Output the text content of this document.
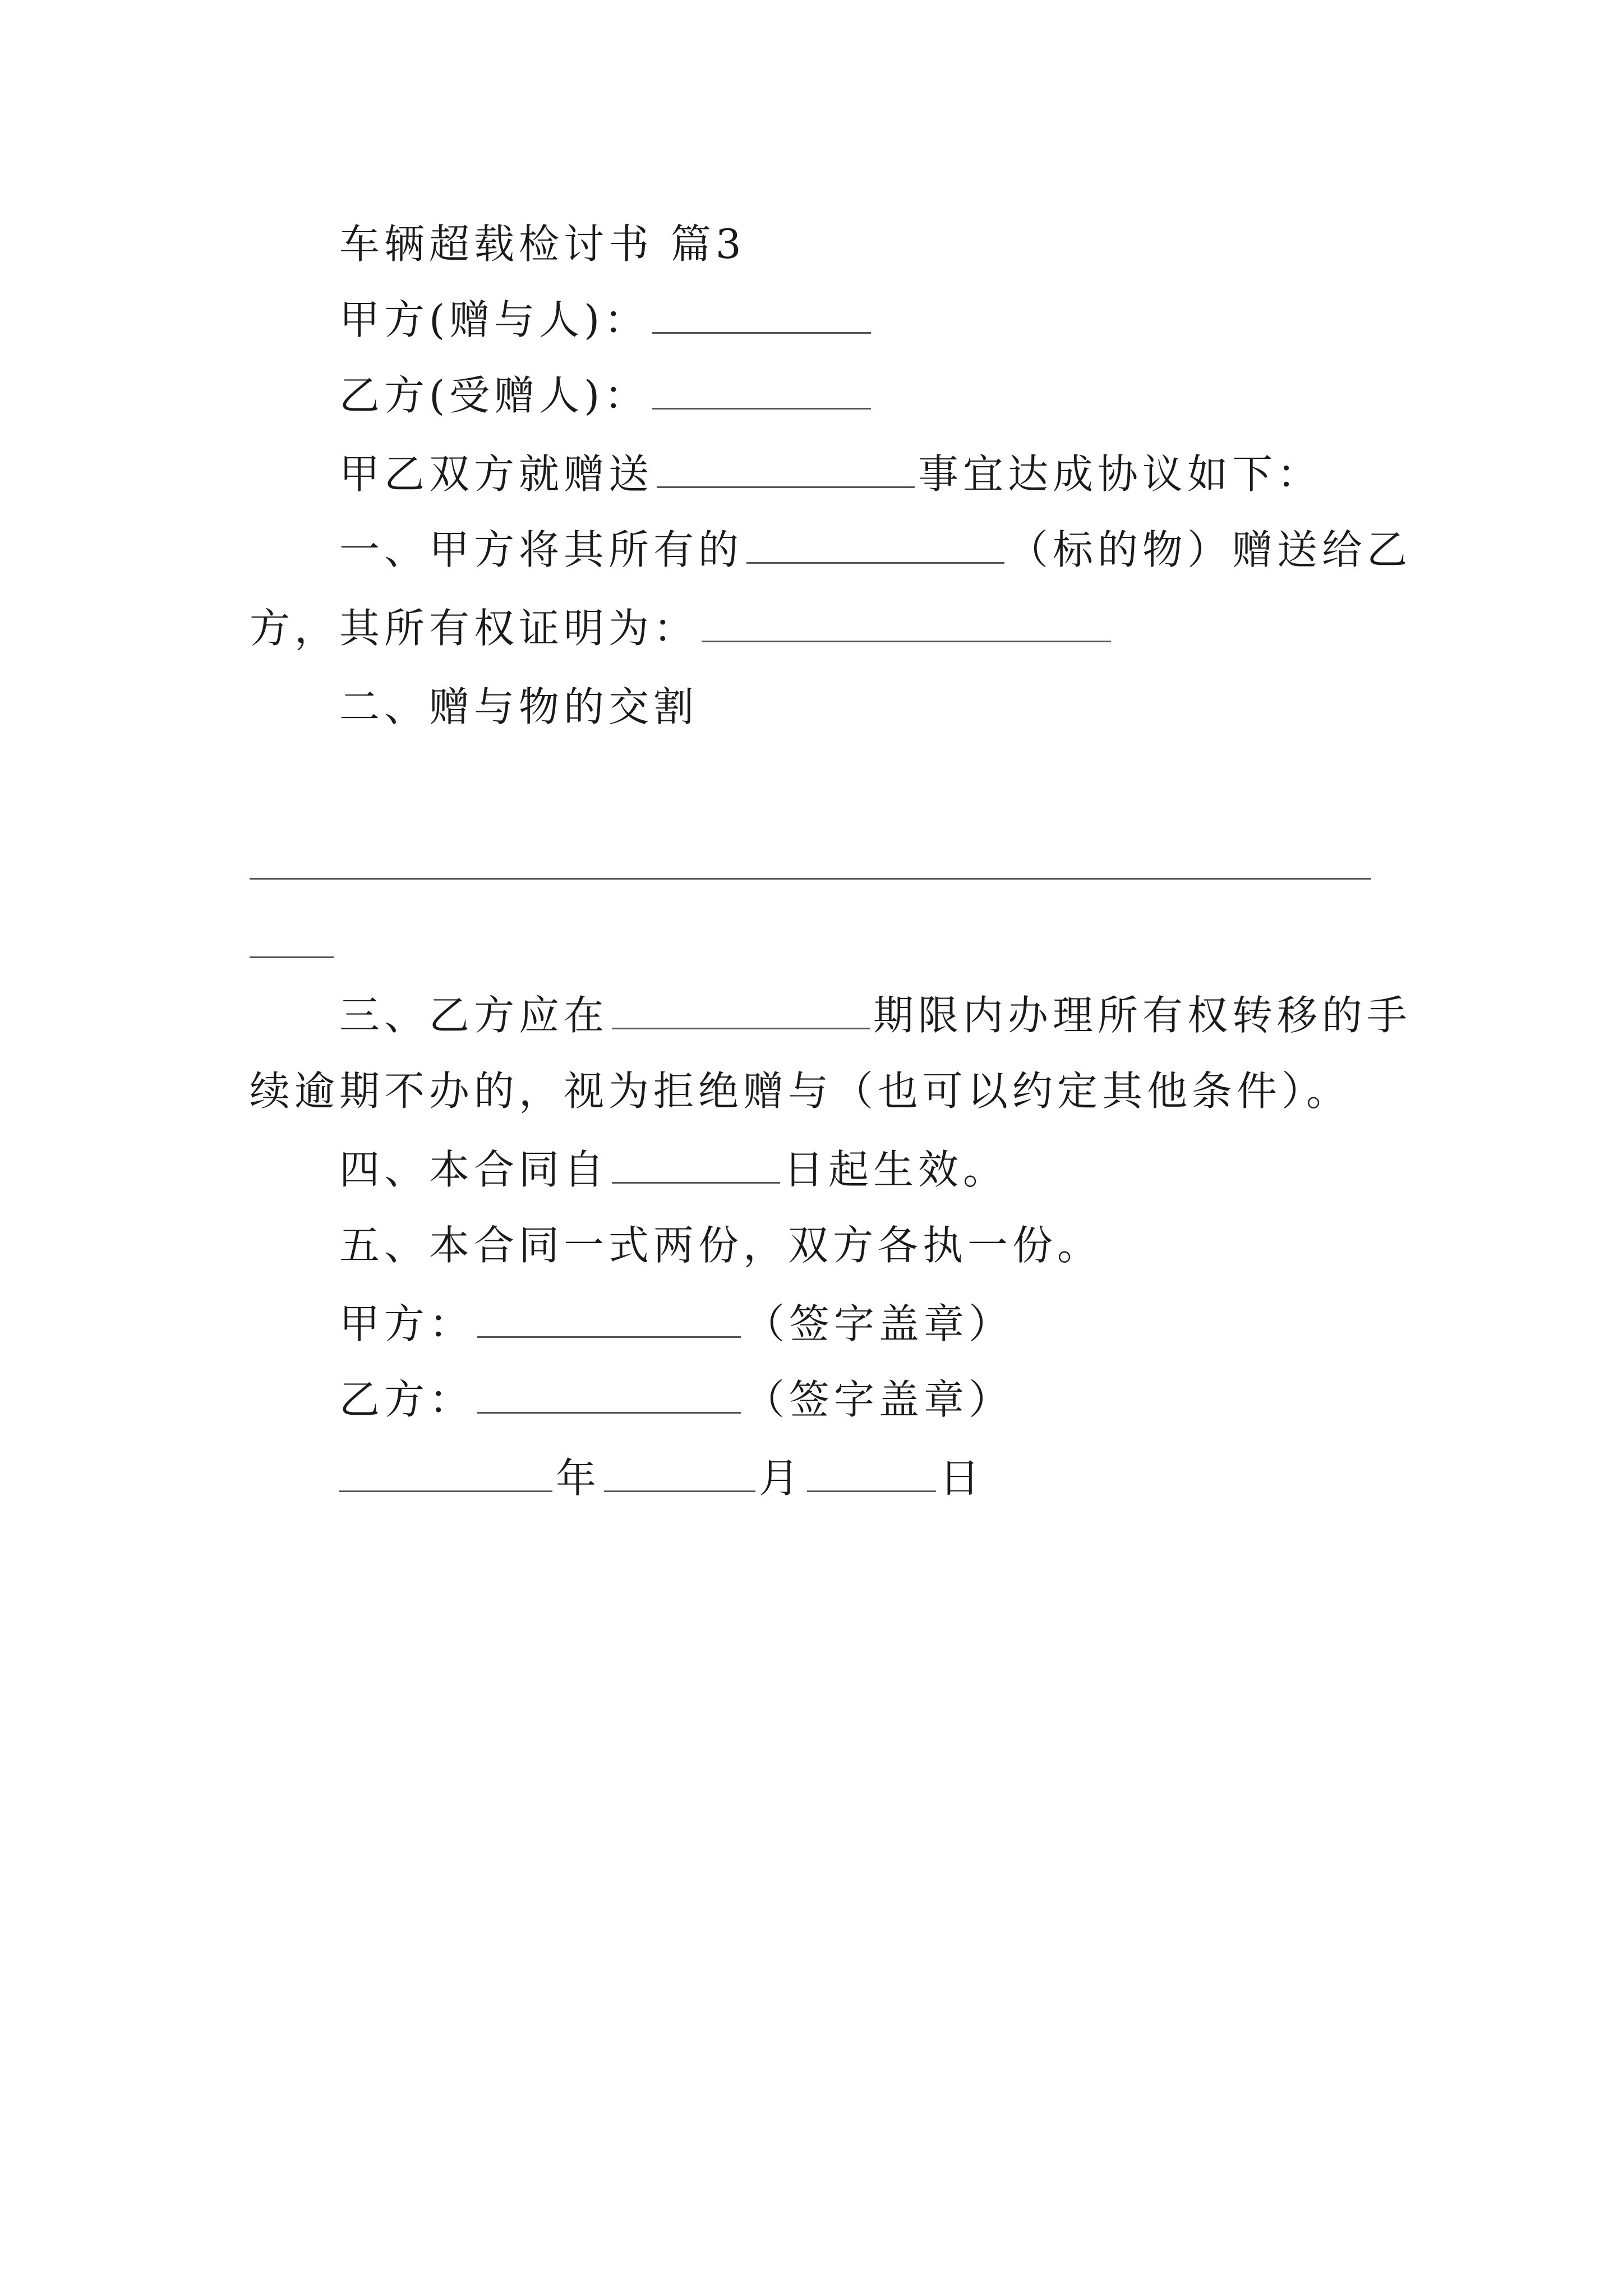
车辆超载检讨书 篇3
甲方(赠与人)：
乙方(受赠人)：
甲乙双方就赠送	事宜达成协议如下：
一、甲方将其所有的	（标的物）赠送给乙
方，其所有权证明为：
二、赠与物的交割
三、乙方应在	期限内办理所有权转移的手
续逾期不办的，视为拒绝赠与（也可以约定其他条件）。
四、本合同自	日起生效。
五、本合同一式两份，双方各执一份。
甲方：	（签字盖章）
乙方：	（签字盖章）
年	月	日
